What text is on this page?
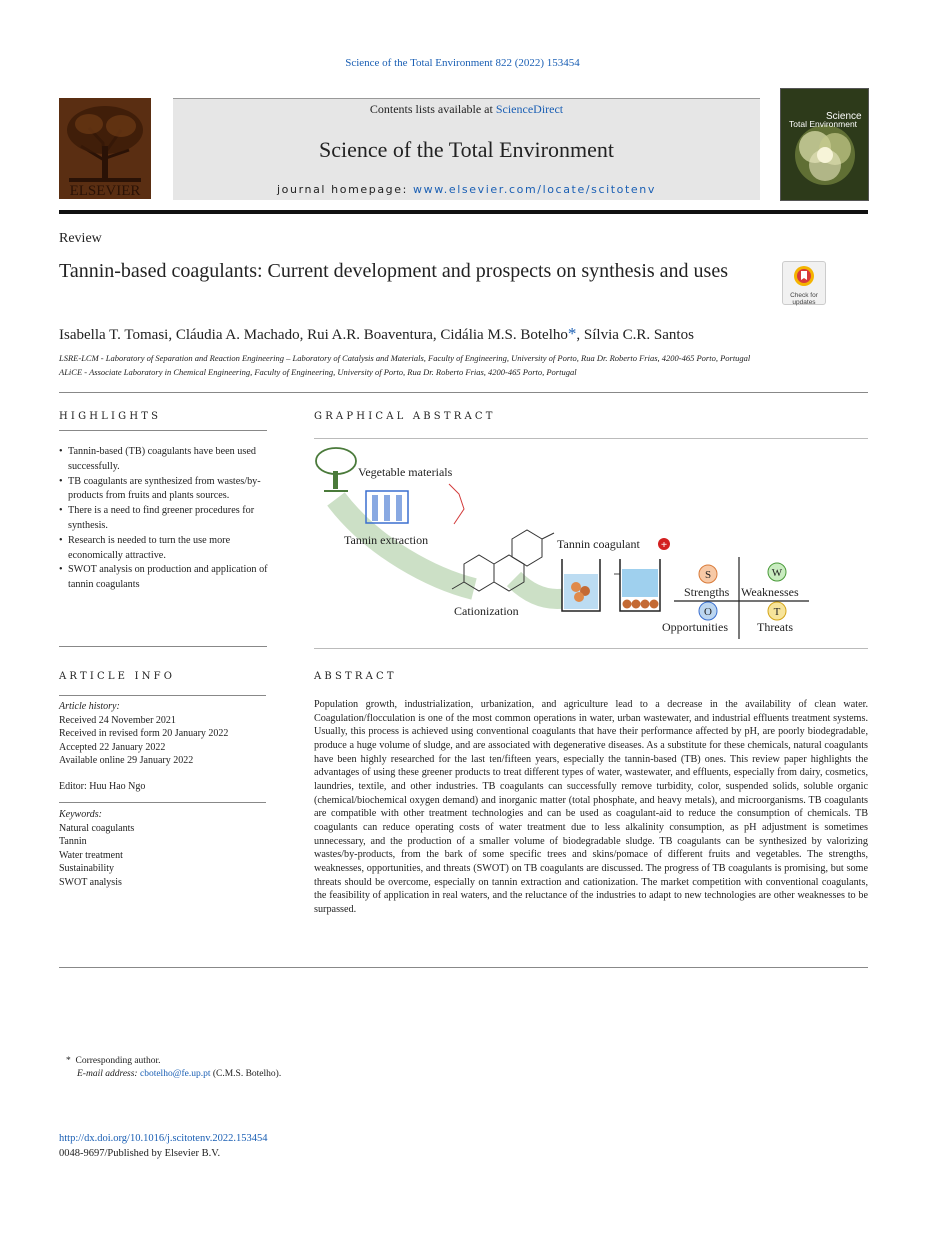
Science of the Total Environment 822 (2022) 153454
ELSEVIER
Contents lists available at ScienceDirect
Science of the Total Environment
journal homepage: www.elsevier.com/locate/scitotenv
Science
Total Environment
Review
Tannin-based coagulants: Current development and prospects on synthesis and uses
Check for
updates
Isabella T. Tomasi, Cláudia A. Machado, Rui A.R. Boaventura, Cidália M.S. Botelho*, Sílvia C.R. Santos
LSRE-LCM - Laboratory of Separation and Reaction Engineering – Laboratory of Catalysis and Materials, Faculty of Engineering, University of Porto, Rua Dr. Roberto Frias, 4200-465 Porto, Portugal
ALiCE - Associate Laboratory in Chemical Engineering, Faculty of Engineering, University of Porto, Rua Dr. Roberto Frias, 4200-465 Porto, Portugal
HIGHLIGHTS
• Tannin-based (TB) coagulants have been used successfully.
• TB coagulants are synthesized from wastes/by-products from fruits and plants sources.
• There is a need to find greener procedures for synthesis.
• Research is needed to turn the use more economically attractive.
• SWOT analysis on production and application of tannin coagulants
GRAPHICAL ABSTRACT
Vegetable materials
Tannin extraction
Cationization
Tannin coagulant +
S
Strengths
W
Weaknesses
O
Opportunities
T
Threats
ARTICLE INFO
Article history:
Received 24 November 2021
Received in revised form 20 January 2022
Accepted 22 January 2022
Available online 29 January 2022
Editor: Huu Hao Ngo
Keywords:
Natural coagulants
Tannin
Water treatment
Sustainability
SWOT analysis
ABSTRACT
Population growth, industrialization, urbanization, and agriculture lead to a decrease in the availability of clean water. Coagulation/flocculation is one of the most common operations in water, urban wastewater, and industrial effluents treatment systems. Usually, this process is achieved using conventional coagulants that have their performance affected by pH, are poorly biodegradable, produce a huge volume of sludge, and are associated with degenerative diseases. As a substitute for these chemicals, natural coagulants have been highly researched for the last ten/fifteen years, especially the tannin-based (TB) ones. This review paper highlights the advantages of using these greener products to treat different types of water, wastewater, and effluents, especially from dairy, cosmetics, laundries, textile, and other industries. TB coagulants can successfully remove turbidity, color, suspended solids, soluble organic (chemical/biochemical oxygen demand) and inorganic matter (total phosphate, and heavy metals), and microorganisms. TB coagulants are compatible with other treatment technologies and can be used as coagulant-aid to reduce the consumption of chemicals. TB coagulants can reduce operating costs of water treatment due to less alkalinity consumption, as pH adjustment is sometimes unnecessary, and the production of a smaller volume of biodegradable sludge. TB coagulants can be synthesized by valorizing wastes/by-products, from the bark of some specific trees and skins/pomace of different fruits and vegetables. The strengths, weaknesses, opportunities, and threats (SWOT) on TB coagulants are discussed. The progress of TB coagulants is promising, but some threats should be overcome, especially on tannin extraction and cationization. The market competition with conventional coagulants, the feasibility of application in real waters, and the reluctance of the industries to adapt to new technologies are other weaknesses to be surpassed.
* Corresponding author.
E-mail address: cbotelho@fe.up.pt (C.M.S. Botelho).
http://dx.doi.org/10.1016/j.scitotenv.2022.153454
0048-9697/Published by Elsevier B.V.
